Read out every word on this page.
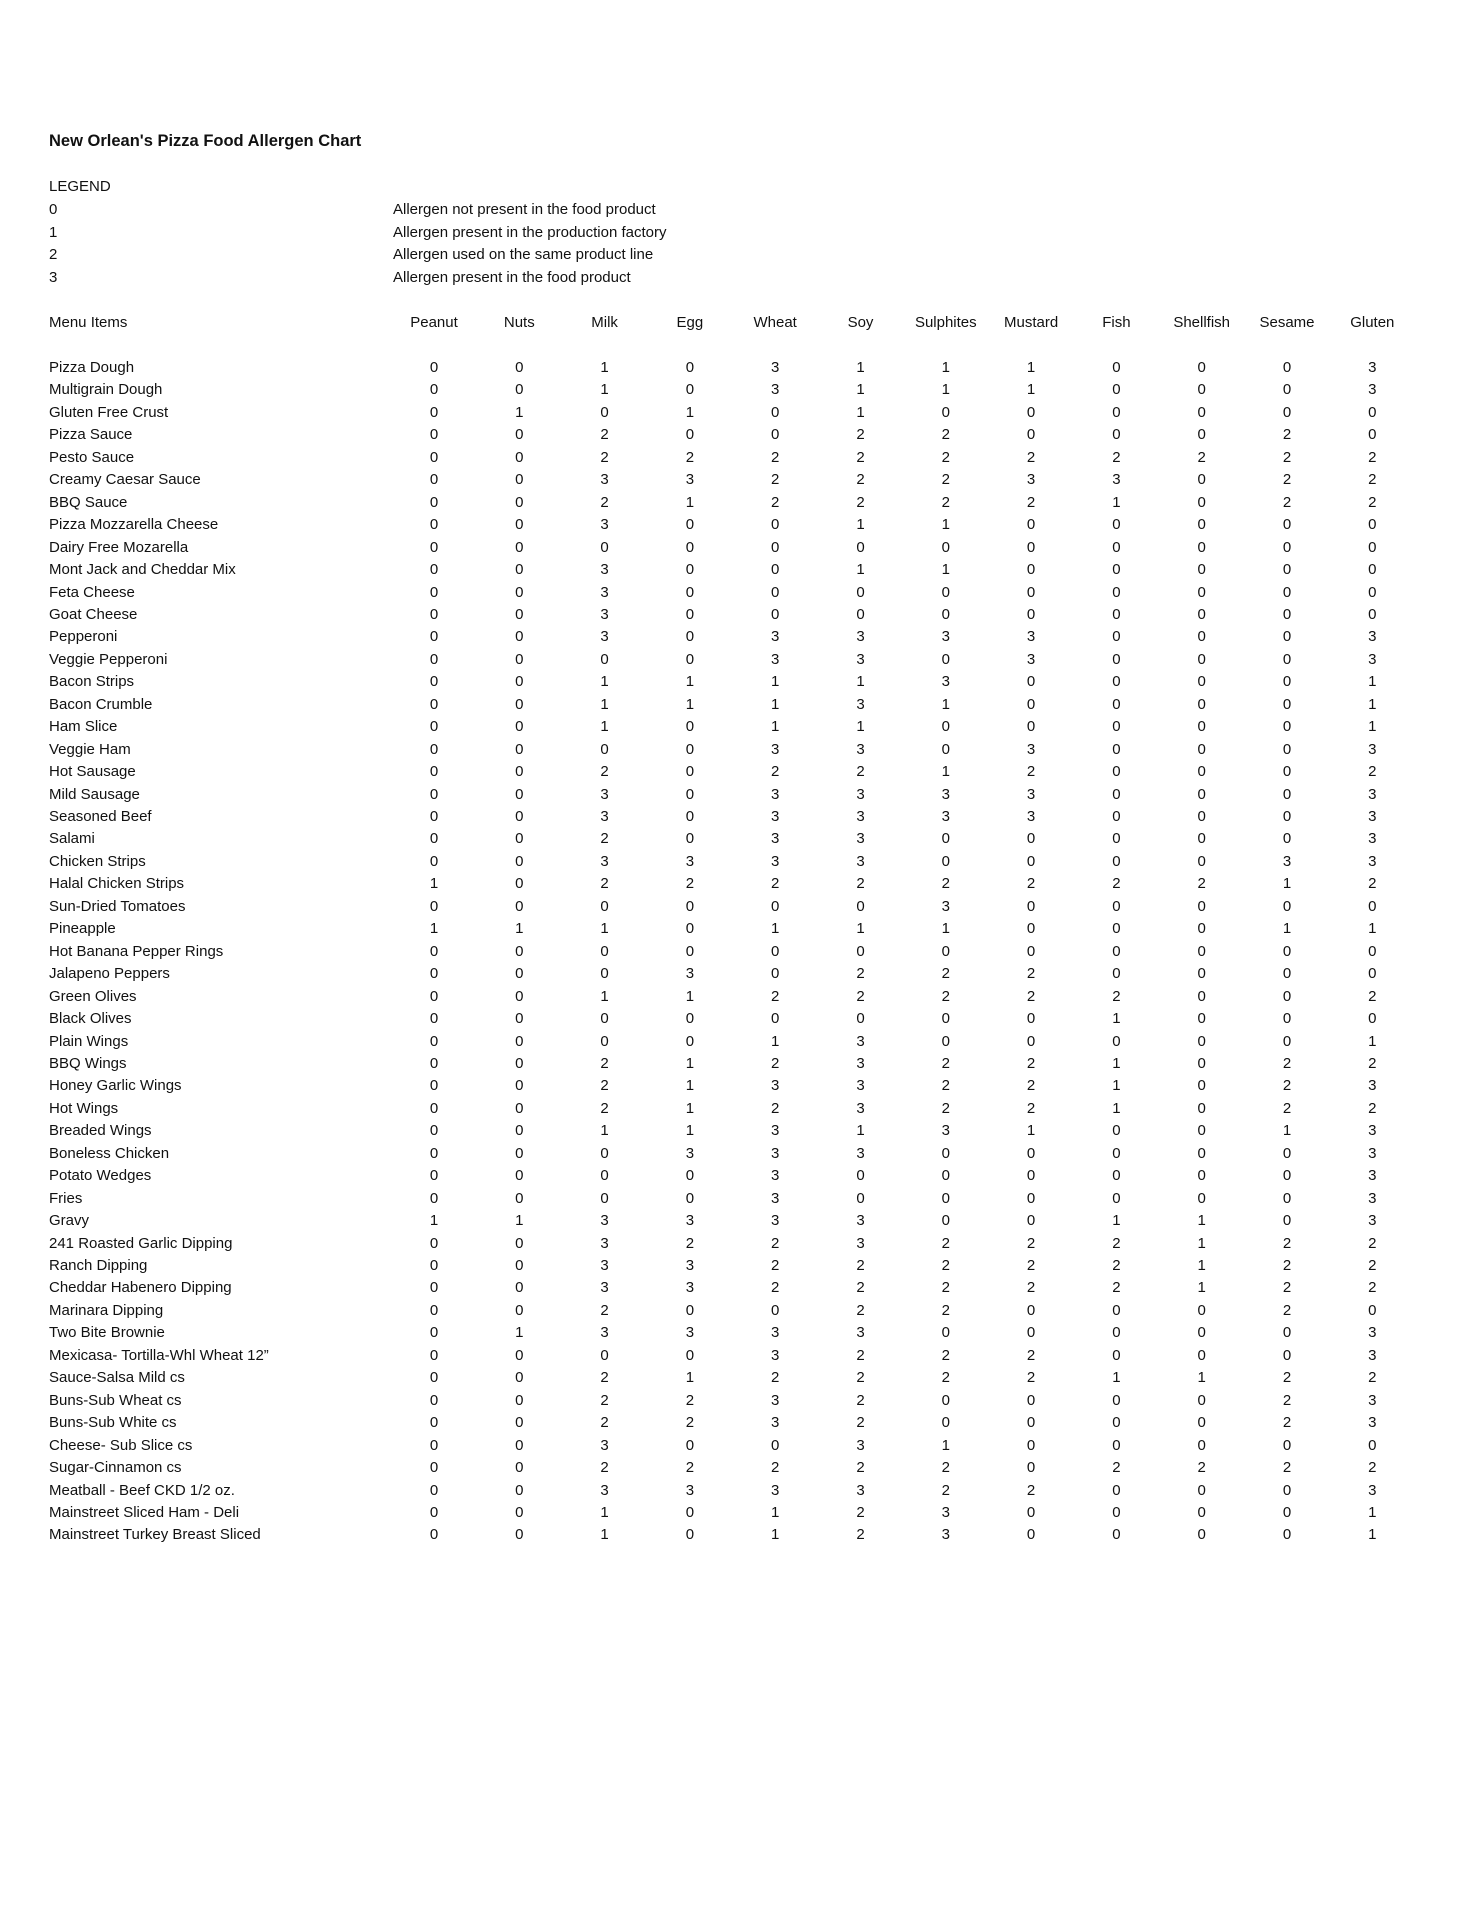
New Orlean's Pizza Food Allergen Chart
LEGEND
0	Allergen not present in the food product
1	Allergen present in the production factory
2	Allergen used on the same product line
3	Allergen present in the food product
Menu Items	Peanut	Nuts	Milk	Egg	Wheat	Soy	Sulphites	Mustard	Fish	Shellfish	Sesame	Gluten
Pizza Dough	0	0	1	0	3	1	1	1	0	0	0	3
Multigrain Dough	0	0	1	0	3	1	1	1	0	0	0	3
Gluten Free Crust	0	1	0	1	0	1	0	0	0	0	0	0
Pizza Sauce	0	0	2	0	0	2	2	0	0	0	2	0
Pesto Sauce	0	0	2	2	2	2	2	2	2	2	2	2
Creamy Caesar Sauce	0	0	3	3	2	2	2	3	3	0	2	2
BBQ Sauce	0	0	2	1	2	2	2	2	1	0	2	2
Pizza Mozzarella Cheese	0	0	3	0	0	1	1	0	0	0	0	0
Dairy Free Mozarella	0	0	0	0	0	0	0	0	0	0	0	0
Mont Jack and Cheddar Mix	0	0	3	0	0	1	1	0	0	0	0	0
Feta Cheese	0	0	3	0	0	0	0	0	0	0	0	0
Goat Cheese	0	0	3	0	0	0	0	0	0	0	0	0
Pepperoni	0	0	3	0	3	3	3	3	0	0	0	3
Veggie Pepperoni	0	0	0	0	3	3	0	3	0	0	0	3
Bacon Strips	0	0	1	1	1	1	3	0	0	0	0	1
Bacon Crumble	0	0	1	1	1	3	1	0	0	0	0	1
Ham Slice	0	0	1	0	1	1	0	0	0	0	0	1
Veggie Ham	0	0	0	0	3	3	0	3	0	0	0	3
Hot Sausage	0	0	2	0	2	2	1	2	0	0	0	2
Mild Sausage	0	0	3	0	3	3	3	3	0	0	0	3
Seasoned Beef	0	0	3	0	3	3	3	3	0	0	0	3
Salami	0	0	2	0	3	3	0	0	0	0	0	3
Chicken Strips	0	0	3	3	3	3	0	0	0	0	3	3
Halal Chicken Strips	1	0	2	2	2	2	2	2	2	2	1	2
Sun-Dried Tomatoes	0	0	0	0	0	0	3	0	0	0	0	0
Pineapple	1	1	1	0	1	1	1	0	0	0	1	1
Hot Banana Pepper Rings	0	0	0	0	0	0	0	0	0	0	0	0
Jalapeno Peppers	0	0	0	3	0	2	2	2	0	0	0	0
Green Olives	0	0	1	1	2	2	2	2	2	0	0	2
Black Olives	0	0	0	0	0	0	0	0	1	0	0	0
Plain Wings	0	0	0	0	1	3	0	0	0	0	0	1
BBQ Wings	0	0	2	1	2	3	2	2	1	0	2	2
Honey Garlic Wings	0	0	2	1	3	3	2	2	1	0	2	3
Hot Wings	0	0	2	1	2	3	2	2	1	0	2	2
Breaded Wings	0	0	1	1	3	1	3	1	0	0	1	3
Boneless Chicken	0	0	0	3	3	3	0	0	0	0	0	3
Potato Wedges	0	0	0	0	3	0	0	0	0	0	0	3
Fries	0	0	0	0	3	0	0	0	0	0	0	3
Gravy	1	1	3	3	3	3	0	0	1	1	0	3
241 Roasted Garlic Dipping	0	0	3	2	2	3	2	2	2	1	2	2
Ranch Dipping	0	0	3	3	2	2	2	2	2	1	2	2
Cheddar Habenero Dipping	0	0	3	3	2	2	2	2	2	1	2	2
Marinara Dipping	0	0	2	0	0	2	2	0	0	0	2	0
Two Bite Brownie	0	1	3	3	3	3	0	0	0	0	0	3
Mexicasa- Tortilla-Whl Wheat 12”	0	0	0	0	3	2	2	2	0	0	0	3
Sauce-Salsa Mild cs	0	0	2	1	2	2	2	2	1	1	2	2
Buns-Sub Wheat cs	0	0	2	2	3	2	0	0	0	0	2	3
Buns-Sub White cs	0	0	2	2	3	2	0	0	0	0	2	3
Cheese- Sub Slice cs	0	0	3	0	0	3	1	0	0	0	0	0
Sugar-Cinnamon cs	0	0	2	2	2	2	2	0	2	2	2	2
Meatball - Beef CKD 1/2 oz.	0	0	3	3	3	3	2	2	0	0	0	3
Mainstreet Sliced Ham - Deli	0	0	1	0	1	2	3	0	0	0	0	1
Mainstreet Turkey Breast Sliced	0	0	1	0	1	2	3	0	0	0	0	1
